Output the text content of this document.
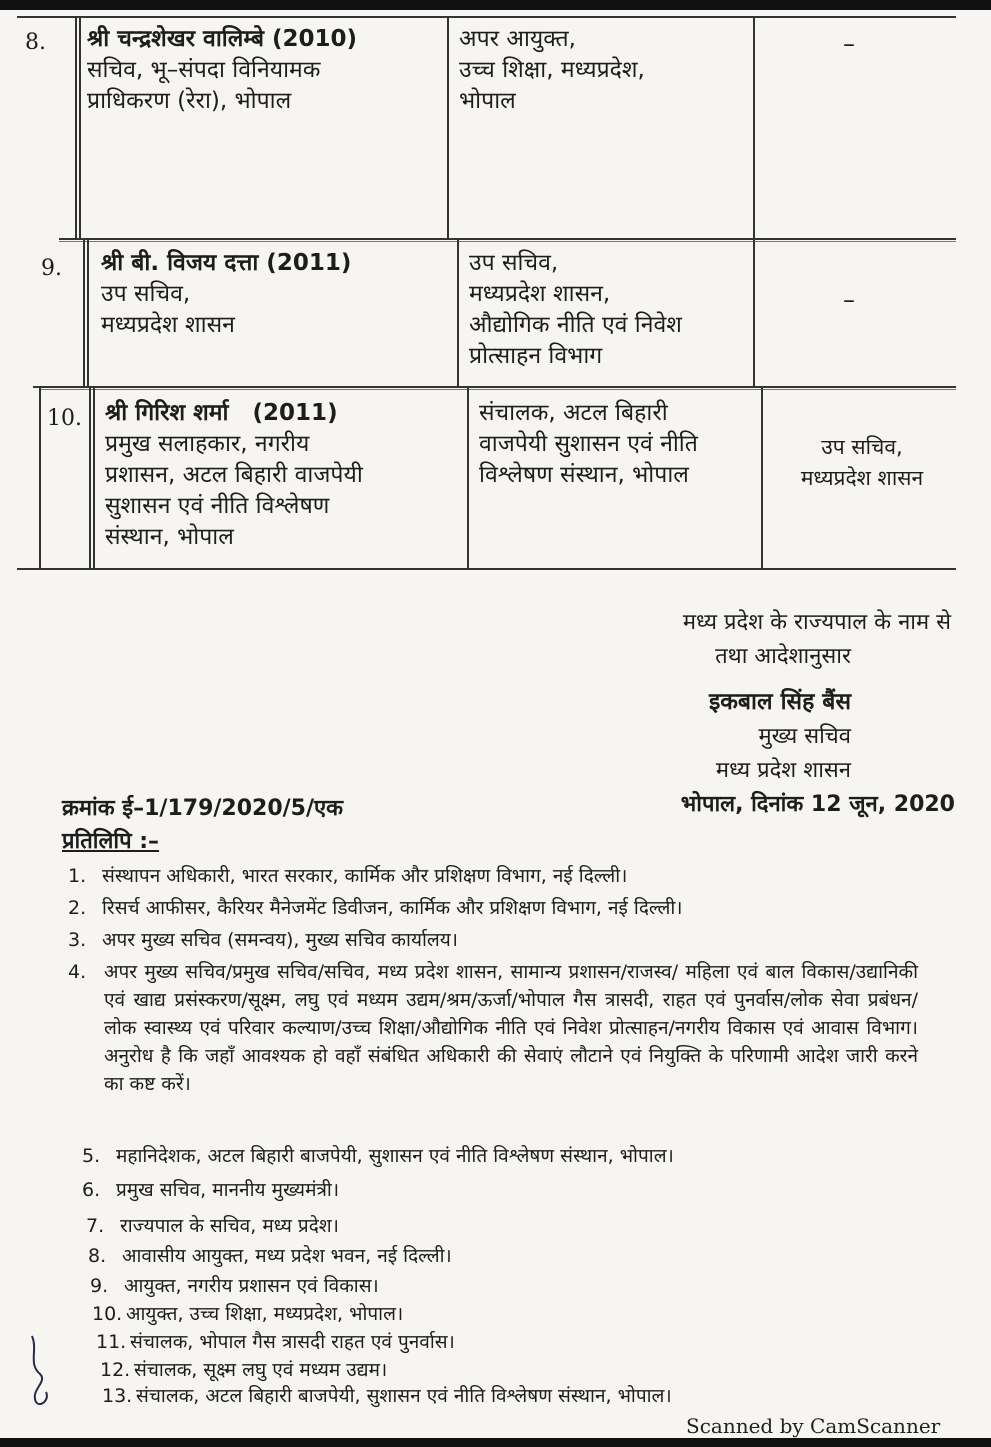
8. श्री चन्द्रशेखर वालिम्बे (2010)
सचिव, भू–संपदा विनियामक
प्राधिकरण (रेरा), भोपाल
अपर आयुक्त,
उच्च शिक्षा, मध्यप्रदेश,
भोपाल
–
9. श्री बी. विजय दत्ता (2011)
उप सचिव,
मध्यप्रदेश शासन
उप सचिव,
मध्यप्रदेश शासन,
औद्योगिक नीति एवं निवेश
प्रोत्साहन विभाग
–
10. श्री गिरिश शर्मा   (2011)
प्रमुख सलाहकार, नगरीय
प्रशासन, अटल बिहारी वाजपेयी
सुशासन एवं नीति विश्लेषण
संस्थान, भोपाल
संचालक, अटल बिहारी
वाजपेयी सुशासन एवं नीति
विश्लेषण संस्थान, भोपाल
उप सचिव,
मध्यप्रदेश शासन
मध्य प्रदेश के राज्यपाल के नाम से
तथा आदेशानुसार
इकबाल सिंह बैंस
मुख्य सचिव
मध्य प्रदेश शासन
क्रमांक ई–1/179/2020/5/एक	भोपाल, दिनांक 12 जून, 2020
प्रतिलिपि :–
1. संस्थापन अधिकारी, भारत सरकार, कार्मिक और प्रशिक्षण विभाग, नई दिल्ली।
2. रिसर्च आफीसर, कैरियर मैनेजमेंट डिवीजन, कार्मिक और प्रशिक्षण विभाग, नई दिल्ली।
3. अपर मुख्य सचिव (समन्वय), मुख्य सचिव कार्यालय।
4. अपर मुख्य सचिव/प्रमुख सचिव/सचिव, मध्य प्रदेश शासन, सामान्य प्रशासन/राजस्व/ महिला एवं बाल विकास/उद्यानिकी एवं खाद्य प्रसंस्करण/सूक्ष्म, लघु एवं मध्यम उद्यम/श्रम/ऊर्जा/भोपाल गैस त्रासदी, राहत एवं पुनर्वास/लोक सेवा प्रबंधन/लोक स्वास्थ्य एवं परिवार कल्याण/उच्च शिक्षा/औद्योगिक नीति एवं निवेश प्रोत्साहन/नगरीय विकास एवं आवास विभाग। अनुरोध है कि जहाँ आवश्यक हो वहाँ संबंधित अधिकारी की सेवाएं लौटाने एवं नियुक्ति के परिणामी आदेश जारी करने का कष्ट करें।
5. महानिदेशक, अटल बिहारी बाजपेयी, सुशासन एवं नीति विश्लेषण संस्थान, भोपाल।
6. प्रमुख सचिव, माननीय मुख्यमंत्री।
7. राज्यपाल के सचिव, मध्य प्रदेश।
8. आवासीय आयुक्त, मध्य प्रदेश भवन, नई दिल्ली।
9. आयुक्त, नगरीय प्रशासन एवं विकास।
10. आयुक्त, उच्च शिक्षा, मध्यप्रदेश, भोपाल।
11. संचालक, भोपाल गैस त्रासदी राहत एवं पुनर्वास।
12. संचालक, सूक्ष्म लघु एवं मध्यम उद्यम।
13. संचालक, अटल बिहारी बाजपेयी, सुशासन एवं नीति विश्लेषण संस्थान, भोपाल।
Scanned by CamScanner
